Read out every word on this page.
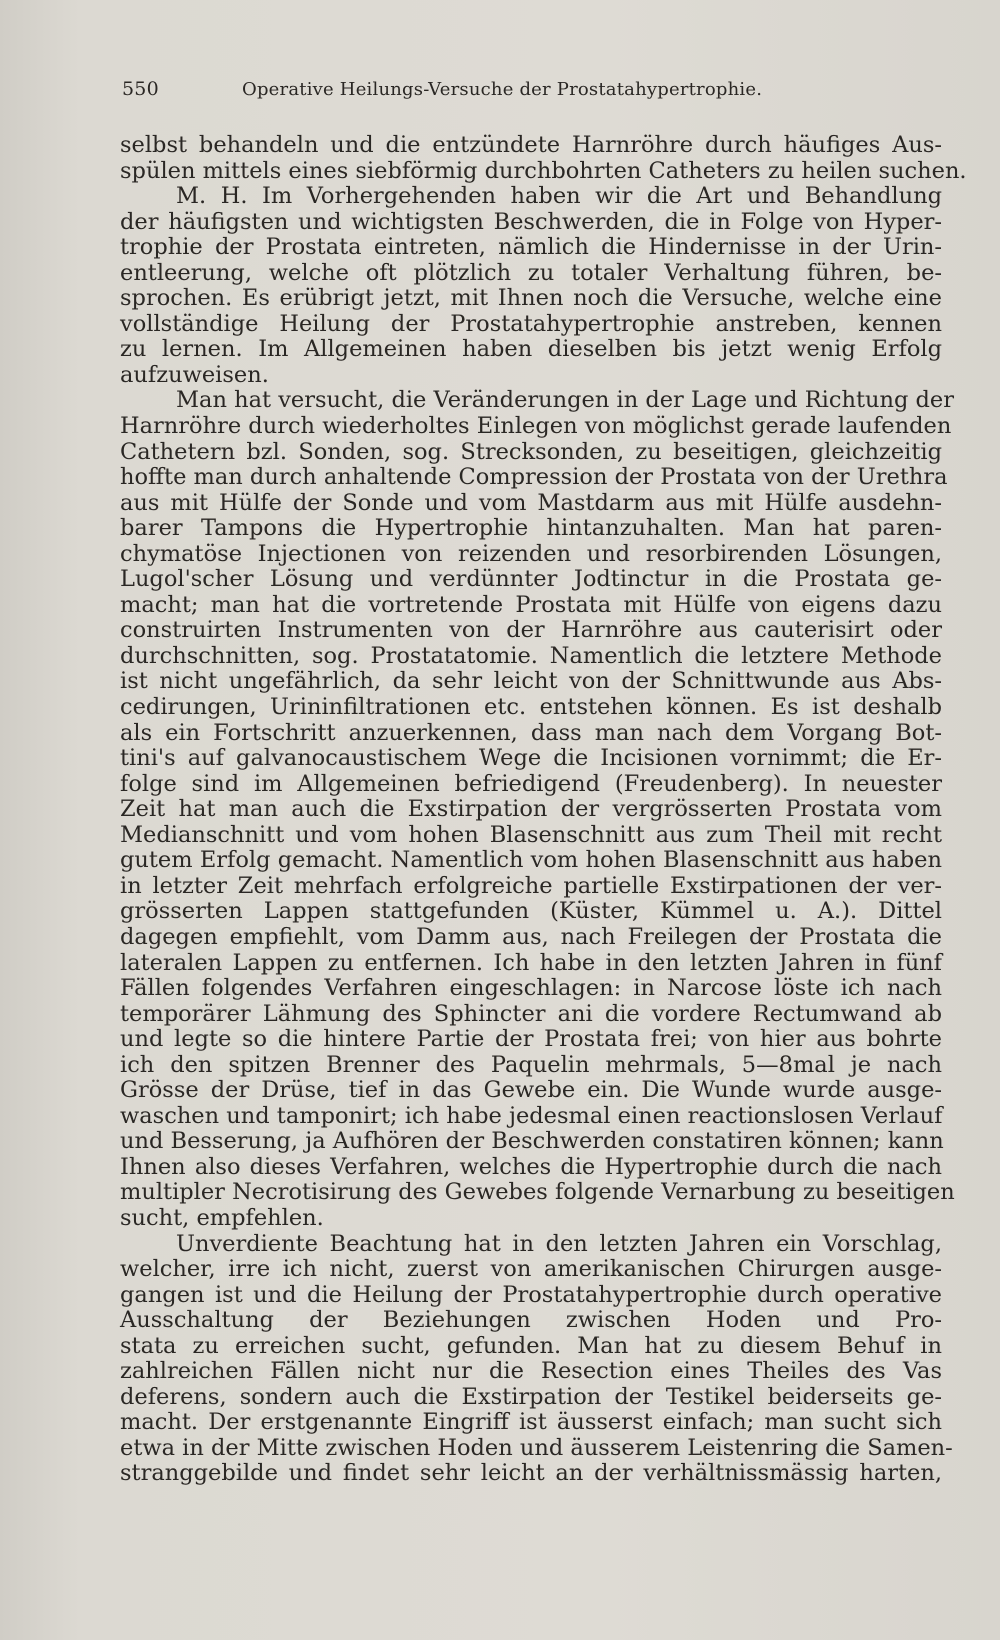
550	Operative Heilungs-Versuche der Prostatahypertrophie.
selbst behandeln und die entzündete Harnröhre durch häufiges Aus-
spülen mittels eines siebförmig durchbohrten Catheters zu heilen suchen.
M. H. Im Vorhergehenden haben wir die Art und Behandlung
der häufigsten und wichtigsten Beschwerden, die in Folge von Hyper-
trophie der Prostata eintreten, nämlich die Hindernisse in der Urin-
entleerung, welche oft plötzlich zu totaler Verhaltung führen, be-
sprochen. Es erübrigt jetzt, mit Ihnen noch die Versuche, welche eine
vollständige Heilung der Prostatahypertrophie anstreben, kennen
zu lernen. Im Allgemeinen haben dieselben bis jetzt wenig Erfolg
aufzuweisen.
Man hat versucht, die Veränderungen in der Lage und Richtung der
Harnröhre durch wiederholtes Einlegen von möglichst gerade laufenden
Cathetern bzl. Sonden, sog. Strecksonden, zu beseitigen, gleichzeitig
hoffte man durch anhaltende Compression der Prostata von der Urethra
aus mit Hülfe der Sonde und vom Mastdarm aus mit Hülfe ausdehn-
barer Tampons die Hypertrophie hintanzuhalten. Man hat paren-
chymatöse Injectionen von reizenden und resorbirenden Lösungen,
Lugol'scher Lösung und verdünnter Jodtinctur in die Prostata ge-
macht; man hat die vortretende Prostata mit Hülfe von eigens dazu
construirten Instrumenten von der Harnröhre aus cauterisirt oder
durchschnitten, sog. Prostatatomie. Namentlich die letztere Methode
ist nicht ungefährlich, da sehr leicht von der Schnittwunde aus Abs-
cedirungen, Urininfiltrationen etc. entstehen können. Es ist deshalb
als ein Fortschritt anzuerkennen, dass man nach dem Vorgang Bot-
tini's auf galvanocaustischem Wege die Incisionen vornimmt; die Er-
folge sind im Allgemeinen befriedigend (Freudenberg). In neuester
Zeit hat man auch die Exstirpation der vergrösserten Prostata vom
Medianschnitt und vom hohen Blasenschnitt aus zum Theil mit recht
gutem Erfolg gemacht. Namentlich vom hohen Blasenschnitt aus haben
in letzter Zeit mehrfach erfolgreiche partielle Exstirpationen der ver-
grösserten Lappen stattgefunden (Küster, Kümmel u. A.). Dittel
dagegen empfiehlt, vom Damm aus, nach Freilegen der Prostata die
lateralen Lappen zu entfernen. Ich habe in den letzten Jahren in fünf
Fällen folgendes Verfahren eingeschlagen: in Narcose löste ich nach
temporärer Lähmung des Sphincter ani die vordere Rectumwand ab
und legte so die hintere Partie der Prostata frei; von hier aus bohrte
ich den spitzen Brenner des Paquelin mehrmals, 5—8mal je nach
Grösse der Drüse, tief in das Gewebe ein. Die Wunde wurde ausge-
waschen und tamponirt; ich habe jedesmal einen reactionslosen Verlauf
und Besserung, ja Aufhören der Beschwerden constatiren können; kann
Ihnen also dieses Verfahren, welches die Hypertrophie durch die nach
multipler Necrotisirung des Gewebes folgende Vernarbung zu beseitigen
sucht, empfehlen.
Unverdiente Beachtung hat in den letzten Jahren ein Vorschlag,
welcher, irre ich nicht, zuerst von amerikanischen Chirurgen ausge-
gangen ist und die Heilung der Prostatahypertrophie durch operative
Ausschaltung der Beziehungen zwischen Hoden und Pro-
stata zu erreichen sucht, gefunden. Man hat zu diesem Behuf in
zahlreichen Fällen nicht nur die Resection eines Theiles des Vas
deferens, sondern auch die Exstirpation der Testikel beiderseits ge-
macht. Der erstgenannte Eingriff ist äusserst einfach; man sucht sich
etwa in der Mitte zwischen Hoden und äusserem Leistenring die Samen-
stranggebilde und findet sehr leicht an der verhältnissmässig harten,
